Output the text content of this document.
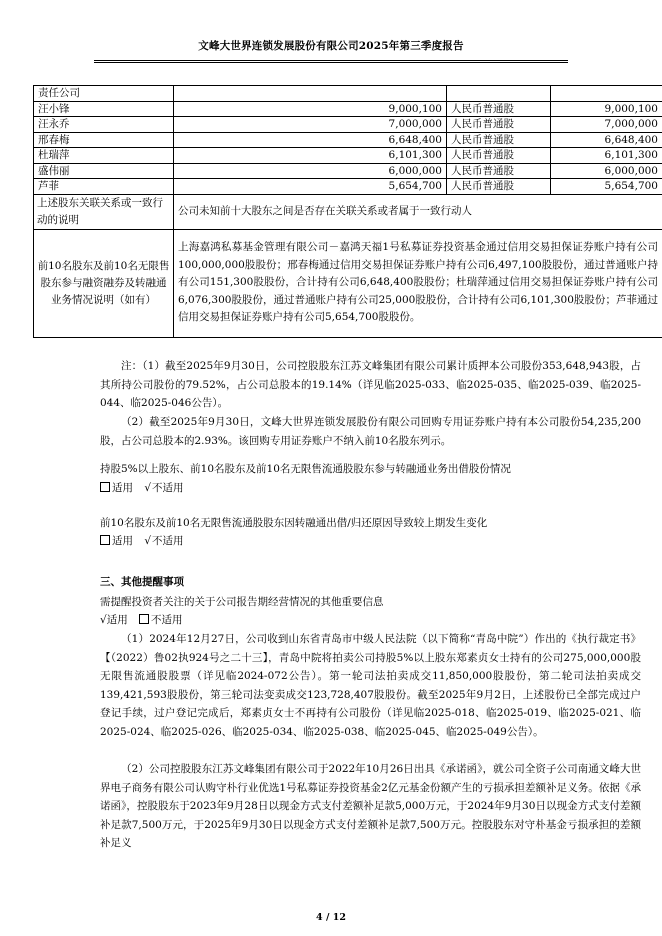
文峰大世界连锁发展股份有限公司2025年第三季度报告
责任公司			
汪小锋	9,000,100	人民币普通股	9,000,100
汪永乔	7,000,000	人民币普通股	7,000,000
邢春梅	6,648,400	人民币普通股	6,648,400
杜瑞萍	6,101,300	人民币普通股	6,101,300
盛伟丽	6,000,000	人民币普通股	6,000,000
芦菲	5,654,700	人民币普通股	5,654,700
上述股东关联关系或一致行动的说明	公司未知前十大股东之间是否存在关联关系或者属于一致行动人		
前10名股东及前10名无限售股东参与融资融券及转融通业务情况说明（如有）	上海嘉鸿私募基金管理有限公司－嘉鸿天福1号私募证券投资基金通过信用交易担保证券账户持有公司100,000,000股股份；邢春梅通过信用交易担保证券账户持有公司6,497,100股股份，通过普通账户持有公司151,300股股份，合计持有公司6,648,400股股份；杜瑞萍通过信用交易担保证券账户持有公司6,076,300股股份，通过普通账户持有公司25,000股股份，合计持有公司6,101,300股股份；芦菲通过信用交易担保证券账户持有公司5,654,700股股份。		

注：（1）截至2025年9月30日，公司控股股东江苏文峰集团有限公司累计质押本公司股份353,648,943股，占其所持公司股份的79.52%，占公司总股本的19.14%（详见临2025-033、临2025-035、临2025-039、临2025-044、临2025-046公告）。

（2）截至2025年9月30日，文峰大世界连锁发展股份有限公司回购专用证券账户持有本公司股份54,235,200股，占公司总股本的2.93%。该回购专用证券账户不纳入前10名股东列示。

持股5%以上股东、前10名股东及前10名无限售流通股股东参与转融通业务出借股份情况
适用 √不适用
前10名股东及前10名无限售流通股股东因转融通出借/归还原因导致较上期发生变化
适用 √不适用
三、其他提醒事项
需提醒投资者关注的关于公司报告期经营情况的其他重要信息
√适用 不适用

（1）2024年12月27日，公司收到山东省青岛市中级人民法院（以下简称“青岛中院”）作出的《执行裁定书》【（2022）鲁02执924号之二十三】，青岛中院将拍卖公司持股5%以上股东郑素贞女士持有的公司275,000,000股无限售流通股股票（详见临2024-072公告）。第一轮司法拍卖成交11,850,000股股份，第二轮司法拍卖成交139,421,593股股份，第三轮司法变卖成交123,728,407股股份。截至2025年9月2日，上述股份已全部完成过户登记手续，过户登记完成后，郑素贞女士不再持有公司股份（详见临2025-018、临2025-019、临2025-021、临2025-024、临2025-026、临2025-034、临2025-038、临2025-045、临2025-049公告）。

（2）公司控股股东江苏文峰集团有限公司于2022年10月26日出具《承诺函》，就公司全资子公司南通文峰大世界电子商务有限公司认购守朴行业优选1号私募证券投资基金2亿元基金份额产生的亏损承担差额补足义务。依据《承诺函》，控股股东于2023年9月28日以现金方式支付差额补足款5,000万元，于2024年9月30日以现金方式支付差额补足款7,500万元，于2025年9月30日以现金方式支付差额补足款7,500万元。控股股东对守朴基金亏损承担的差额补足义

4 / 12
